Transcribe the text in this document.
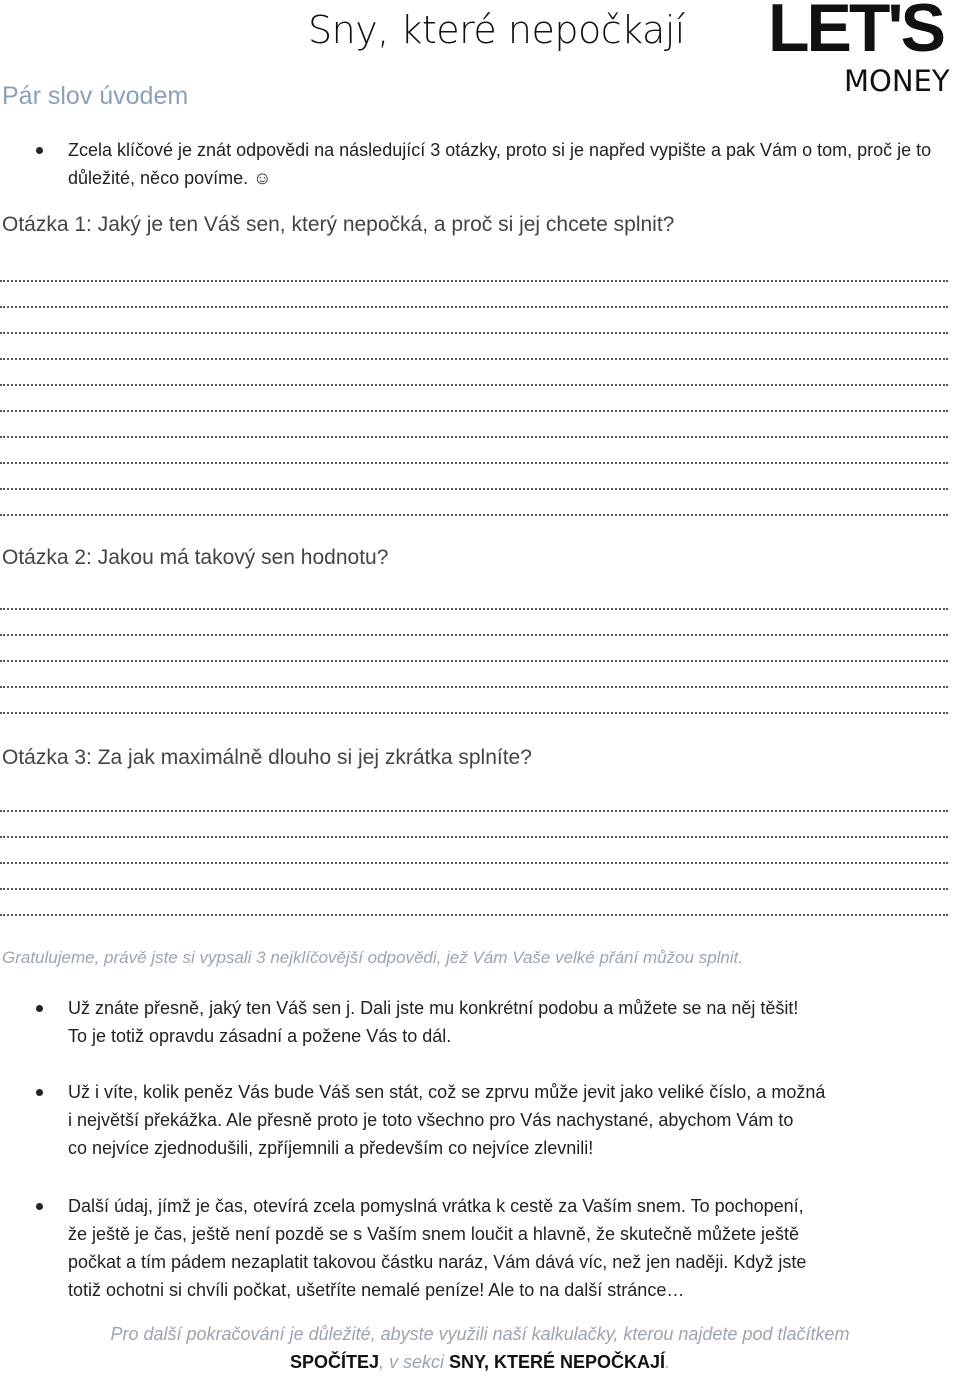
Sny, které nepočkají LET'S
MONEY
Pár slov úvodem
Zcela klíčové je znát odpovědi na následující 3 otázky, proto si je napřed vypište a pak Vám o tom, proč je to důležité, něco povíme. ☺
Otázka 1: Jaký je ten Váš sen, který nepočká, a proč si jej chcete splnit?
Otázka 2: Jakou má takový sen hodnotu?
Otázka 3: Za jak maximálně dlouho si jej zkrátka splníte?
Gratulujeme, právě jste si vypsali 3 nejklíčovější odpovědi, jež Vám Vaše velké přání můžou splnit.
Už znáte přesně, jaký ten Váš sen j. Dali jste mu konkrétní podobu a můžete se na něj těšit!
To je totiž opravdu zásadní a požene Vás to dál.
Už i víte, kolik peněz Vás bude Váš sen stát, což se zprvu může jevit jako veliké číslo, a možná
i největší překážka. Ale přesně proto je toto všechno pro Vás nachystané, abychom Vám to
co nejvíce zjednodušili, zpříjemnili a především co nejvíce zlevnili!
Další údaj, jímž je čas, otevírá zcela pomyslná vrátka k cestě za Vaším snem. To pochopení,
že ještě je čas, ještě není pozdě se s Vaším snem loučit a hlavně, že skutečně můžete ještě
počkat a tím pádem nezaplatit takovou částku naráz, Vám dává víc, než jen naději. Když jste
totiž ochotni si chvíli počkat, ušetříte nemalé peníze! Ale to na další stránce…
Pro další pokračování je důležité, abyste využili naší kalkulačky, kterou najdete pod tlačítkem
SPOČÍTEJ, v sekci SNY, KTERÉ NEPOČKAJÍ.
